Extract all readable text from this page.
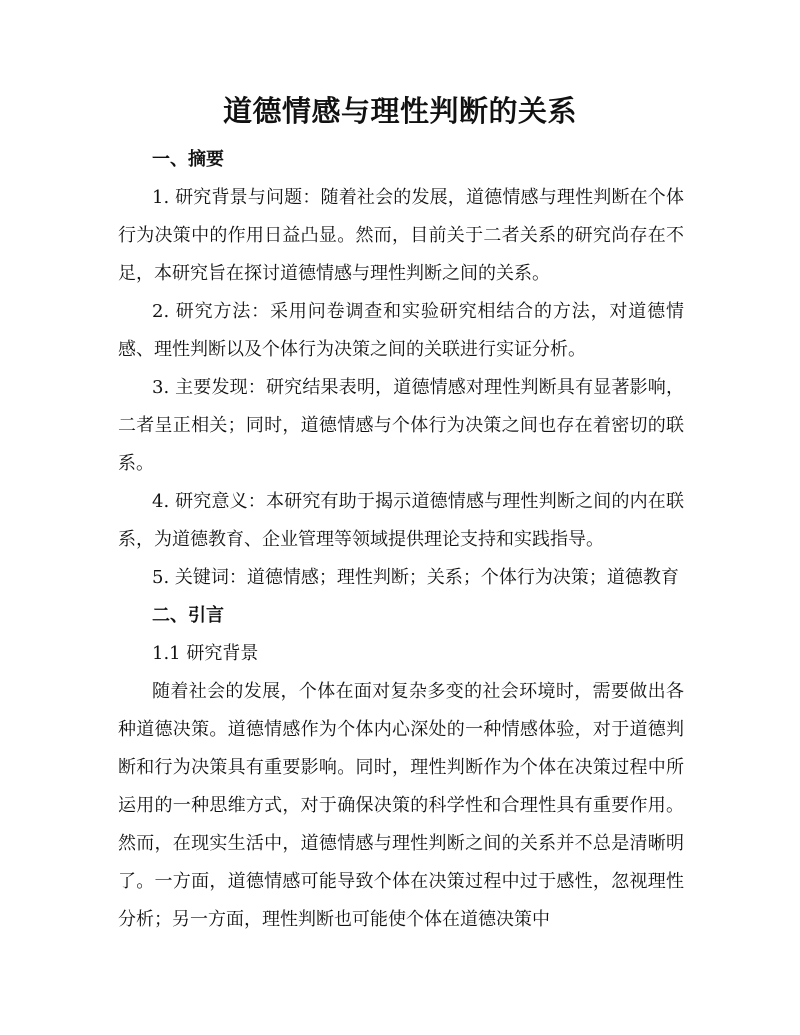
道德情感与理性判断的关系
一、摘要

1. 研究背景与问题：随着社会的发展，道德情感与理性判断在个体行为决策中的作用日益凸显。然而，目前关于二者关系的研究尚存在不足，本研究旨在探讨道德情感与理性判断之间的关系。

2. 研究方法：采用问卷调查和实验研究相结合的方法，对道德情感、理性判断以及个体行为决策之间的关联进行实证分析。

3. 主要发现：研究结果表明，道德情感对理性判断具有显著影响，二者呈正相关；同时，道德情感与个体行为决策之间也存在着密切的联系。

4. 研究意义：本研究有助于揭示道德情感与理性判断之间的内在联系，为道德教育、企业管理等领域提供理论支持和实践指导。

5. 关键词：道德情感；理性判断；关系；个体行为决策；道德教育

二、引言
1.1 研究背景

随着社会的发展，个体在面对复杂多变的社会环境时，需要做出各种道德决策。道德情感作为个体内心深处的一种情感体验，对于道德判断和行为决策具有重要影响。同时，理性判断作为个体在决策过程中所运用的一种思维方式，对于确保决策的科学性和合理性具有重要作用。然而，在现实生活中，道德情感与理性判断之间的关系并不总是清晰明了。一方面，道德情感可能导致个体在决策过程中过于感性，忽视理性分析；另一方面，理性判断也可能使个体在道德决策中
